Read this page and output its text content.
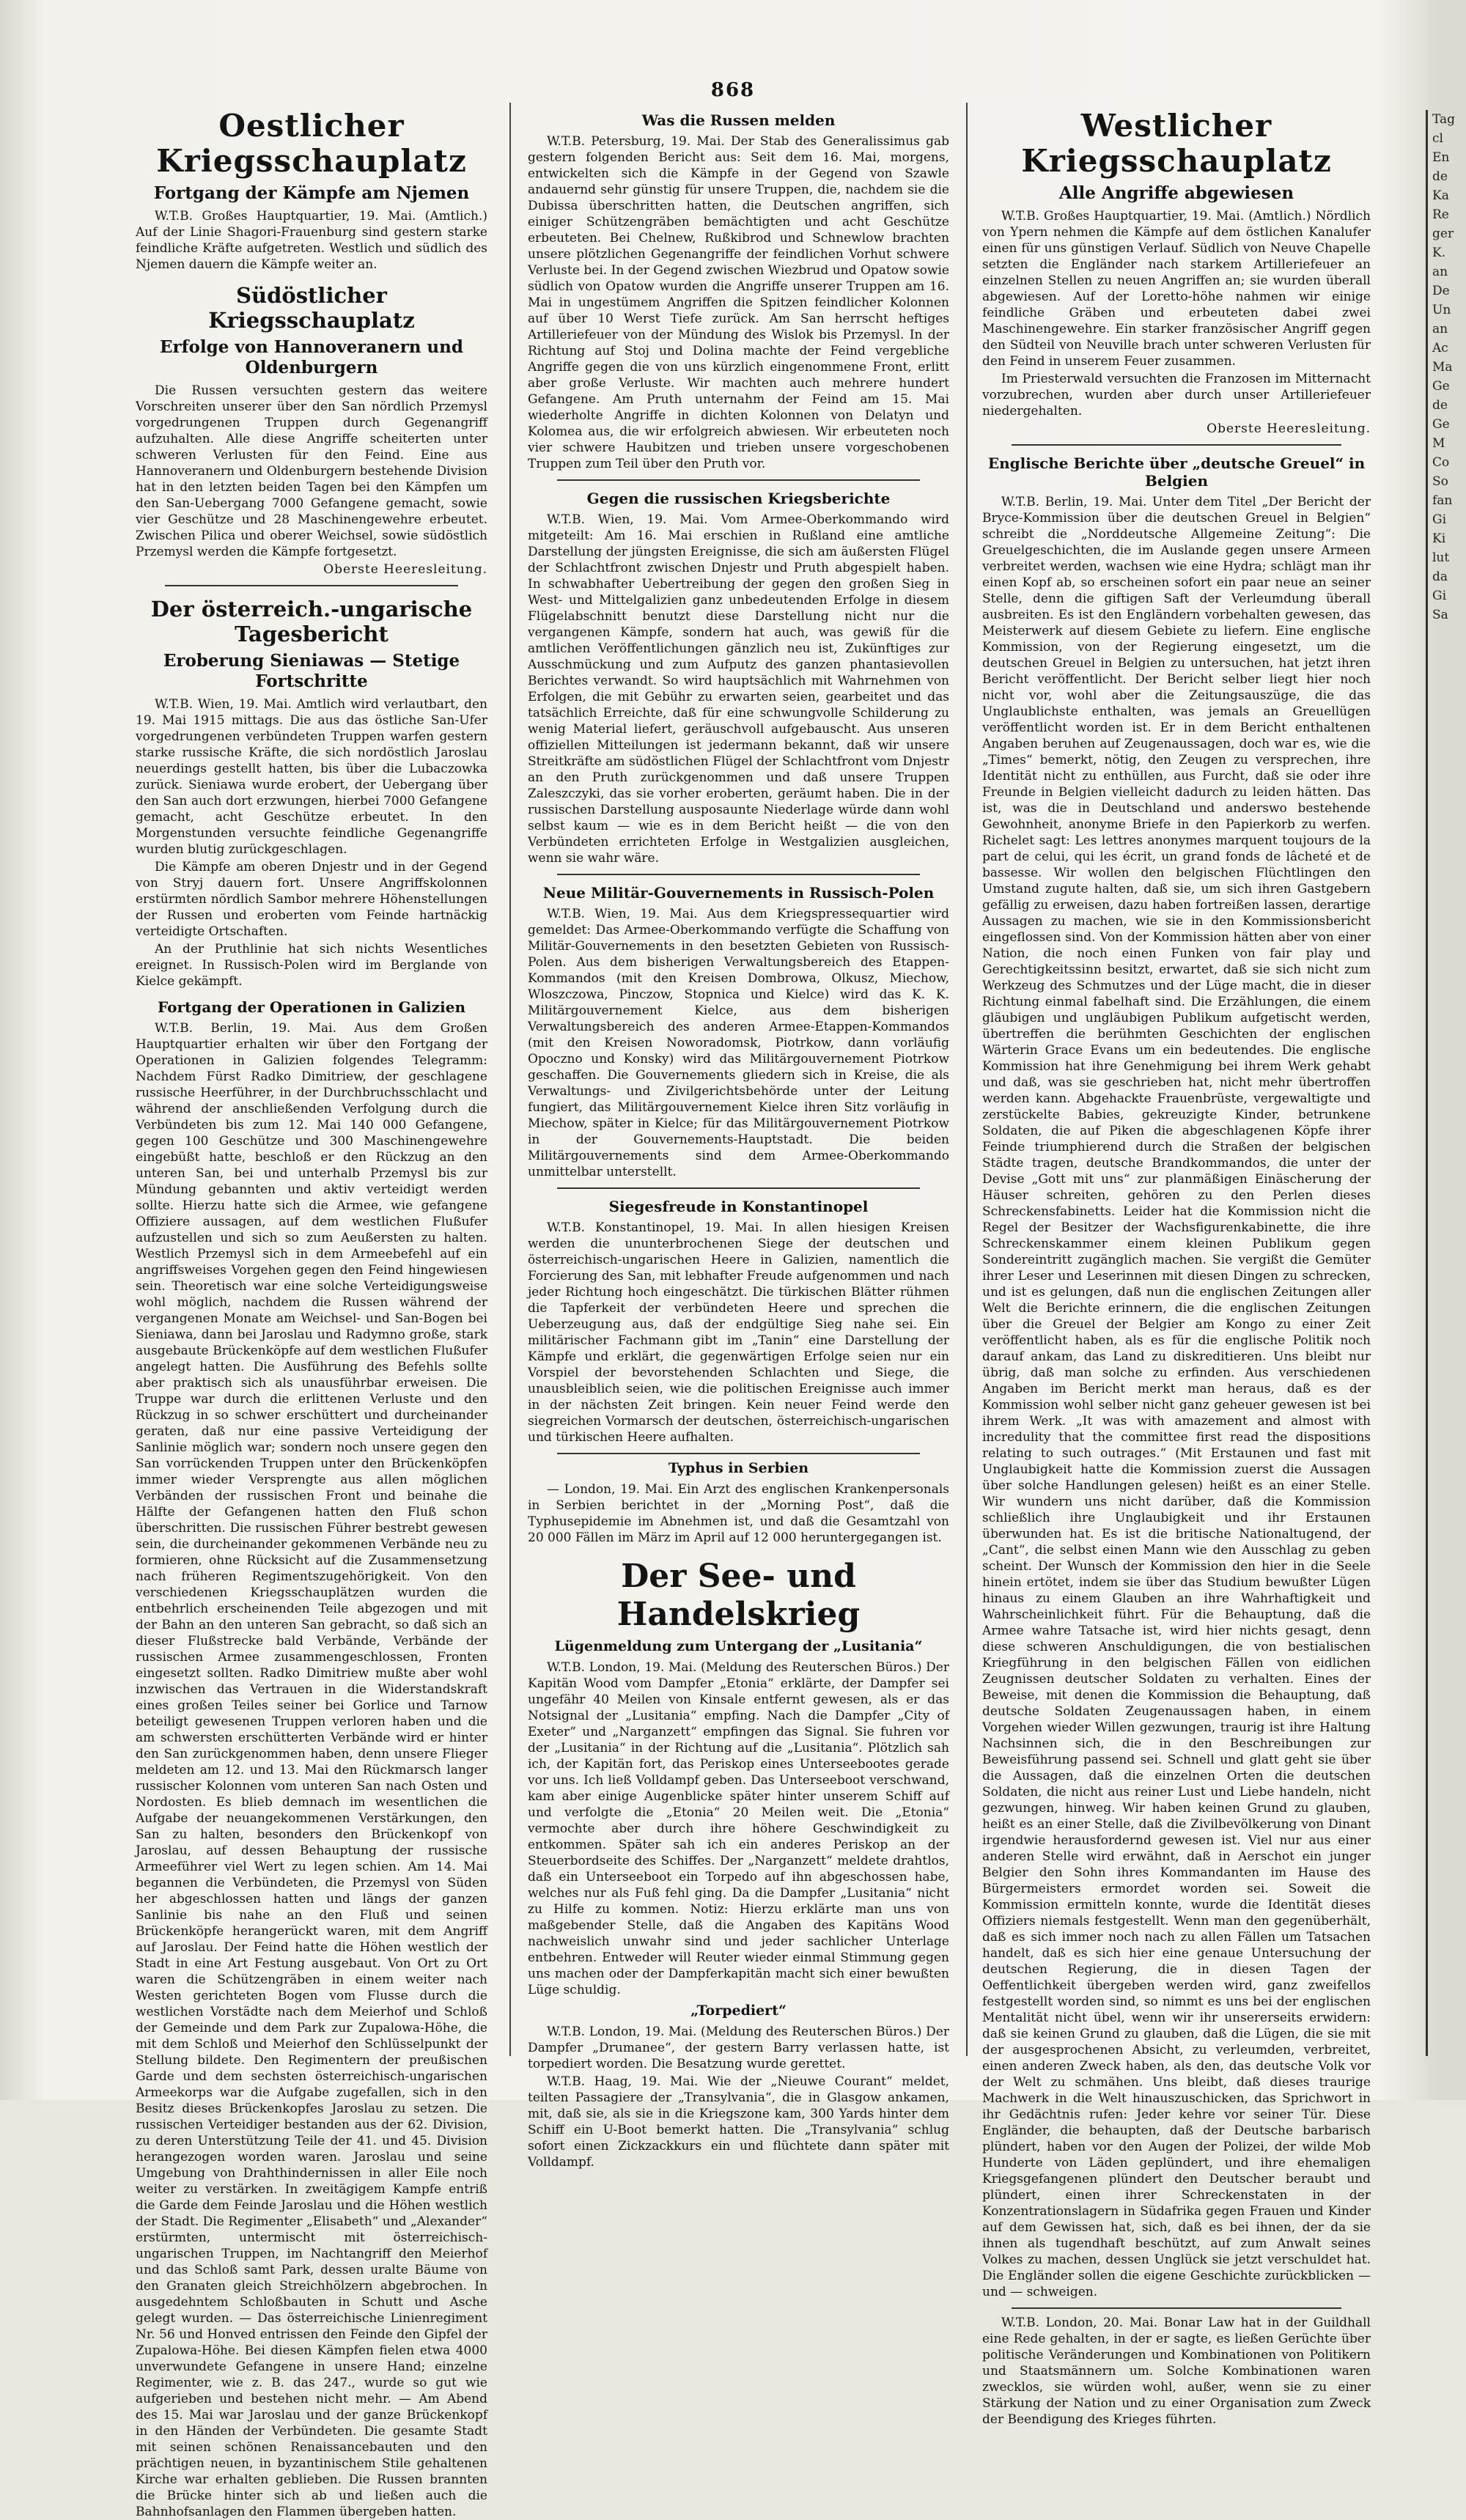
868
Oestlicher Kriegsschauplatz
Fortgang der Kämpfe am Njemen

W.T.B. Großes Hauptquartier, 19. Mai. (Amtlich.) Auf der Linie Shagori-Frauenburg sind gestern starke feindliche Kräfte aufgetreten. Westlich und südlich des Njemen dauern die Kämpfe weiter an.

Südöstlicher Kriegsschauplatz
Erfolge von Hannoveranern und Oldenburgern

Die Russen versuchten gestern das weitere Vorschreiten unserer über den San nördlich Przemysl vorgedrungenen Truppen durch Gegenangriff aufzuhalten. Alle diese Angriffe scheiterten unter schweren Verlusten für den Feind. Eine aus Hannoveranern und Oldenburgern bestehende Division hat in den letzten beiden Tagen bei den Kämpfen um den San-Uebergang 7000 Gefangene gemacht, sowie vier Geschütze und 28 Maschinengewehre erbeutet. Zwischen Pilica und oberer Weichsel, sowie südöstlich Przemysl werden die Kämpfe fortgesetzt.

Oberste Heeresleitung.
Der österreich.-ungarische Tagesbericht
Eroberung Sieniawas — Stetige Fortschritte

W.T.B. Wien, 19. Mai. Amtlich wird verlautbart, den 19. Mai 1915 mittags. Die aus das östliche San-Ufer vorgedrungenen verbündeten Truppen warfen gestern starke russische Kräfte, die sich nordöstlich Jaroslau neuerdings gestellt hatten, bis über die Lubaczowka zurück. Sieniawa wurde erobert, der Uebergang über den San auch dort erzwungen, hierbei 7000 Gefangene gemacht, acht Geschütze erbeutet. In den Morgenstunden versuchte feindliche Gegenangriffe wurden blutig zurückgeschlagen.

Die Kämpfe am oberen Dnjestr und in der Gegend von Stryj dauern fort. Unsere Angriffskolonnen erstürmten nördlich Sambor mehrere Höhenstellungen der Russen und eroberten vom Feinde hartnäckig verteidigte Ortschaften.

An der Pruthlinie hat sich nichts Wesentliches ereignet. In Russisch-Polen wird im Berglande von Kielce gekämpft.

Fortgang der Operationen in Galizien

W.T.B. Berlin, 19. Mai. Aus dem Großen Hauptquartier erhalten wir über den Fortgang der Operationen in Galizien folgendes Telegramm: Nachdem Fürst Radko Dimitriew, der geschlagene russische Heerführer, in der Durchbruchsschlacht und während der anschließenden Verfolgung durch die Verbündeten bis zum 12. Mai 140 000 Gefangene, gegen 100 Geschütze und 300 Maschinengewehre eingebüßt hatte, beschloß er den Rückzug an den unteren San, bei und unterhalb Przemysl bis zur Mündung gebannten und aktiv verteidigt werden sollte. Hierzu hatte sich die Armee, wie gefangene Offiziere aussagen, auf dem westlichen Flußufer aufzustellen und sich so zum Aeußersten zu halten. Westlich Przemysl sich in dem Armeebefehl auf ein angriffsweises Vorgehen gegen den Feind hingewiesen sein. Theoretisch war eine solche Verteidigungsweise wohl möglich, nachdem die Russen während der vergangenen Monate am Weichsel- und San-Bogen bei Sieniawa, dann bei Jaroslau und Radymno große, stark ausgebaute Brückenköpfe auf dem westlichen Flußufer angelegt hatten. Die Ausführung des Befehls sollte aber praktisch sich als unausführbar erweisen. Die Truppe war durch die erlittenen Verluste und den Rückzug in so schwer erschüttert und durcheinander geraten, daß nur eine passive Verteidigung der Sanlinie möglich war; sondern noch unsere gegen den San vorrückenden Truppen unter den Brückenköpfen immer wieder Versprengte aus allen möglichen Verbänden der russischen Front und beinahe die Hälfte der Gefangenen hatten den Fluß schon überschritten. Die russischen Führer bestrebt gewesen sein, die durcheinander gekommenen Verbände neu zu formieren, ohne Rücksicht auf die Zusammensetzung nach früheren Regimentszugehörigkeit. Von den verschiedenen Kriegsschauplätzen wurden die entbehrlich erscheinenden Teile abgezogen und mit der Bahn an den unteren San gebracht, so daß sich an dieser Flußstrecke bald Verbände, Verbände der russischen Armee zusammengeschlossen, Fronten eingesetzt sollten. Radko Dimitriew mußte aber wohl inzwischen das Vertrauen in die Widerstandskraft eines großen Teiles seiner bei Gorlice und Tarnow beteiligt gewesenen Truppen verloren haben und die am schwersten erschütterten Verbände wird er hinter den San zurückgenommen haben, denn unsere Flieger meldeten am 12. und 13. Mai den Rückmarsch langer russischer Kolonnen vom unteren San nach Osten und Nordosten. Es blieb demnach im wesentlichen die Aufgabe der neuangekommenen Verstärkungen, den San zu halten, besonders den Brückenkopf von Jaroslau, auf dessen Behauptung der russische Armeeführer viel Wert zu legen schien. Am 14. Mai begannen die Verbündeten, die Przemysl von Süden her abgeschlossen hatten und längs der ganzen Sanlinie bis nahe an den Fluß und seinen Brückenköpfe herangerückt waren, mit dem Angriff auf Jaroslau. Der Feind hatte die Höhen westlich der Stadt in eine Art Festung ausgebaut. Von Ort zu Ort waren die Schützengräben in einem weiter nach Westen gerichteten Bogen vom Flusse durch die westlichen Vorstädte nach dem Meierhof und Schloß der Gemeinde und dem Park zur Zupalowa-Höhe, die mit dem Schloß und Meierhof den Schlüsselpunkt der Stellung bildete. Den Regimentern der preußischen Garde und dem sechsten österreichisch-ungarischen Armeekorps war die Aufgabe zugefallen, sich in den Besitz dieses Brückenkopfes Jaroslau zu setzen. Die russischen Verteidiger bestanden aus der 62. Division, zu deren Unterstützung Teile der 41. und 45. Division herangezogen worden waren. Jaroslau und seine Umgebung von Drahthindernissen in aller Eile noch weiter zu verstärken. In zweitägigem Kampfe entriß die Garde dem Feinde Jaroslau und die Höhen westlich der Stadt. Die Regimenter „Elisabeth“ und „Alexander“ erstürmten, untermischt mit österreichisch-ungarischen Truppen, im Nachtangriff den Meierhof und das Schloß samt Park, dessen uralte Bäume von den Granaten gleich Streichhölzern abgebrochen. In ausgedehntem Schloßbauten in Schutt und Asche gelegt wurden. — Das österreichische Linienregiment Nr. 56 und Honved entrissen den Feinde den Gipfel der Zupalowa-Höhe. Bei diesen Kämpfen fielen etwa 4000 unverwundete Gefangene in unsere Hand; einzelne Regimenter, wie z. B. das 247., wurde so gut wie aufgerieben und bestehen nicht mehr. — Am Abend des 15. Mai war Jaroslau und der ganze Brückenkopf in den Händen der Verbündeten. Die gesamte Stadt mit seinen schönen Renaissancebauten und den prächtigen neuen, in byzantinischem Stile gehaltenen Kirche war erhalten geblieben. Die Russen brannten die Brücke hinter sich ab und ließen auch die Bahnhofsanlagen den Flammen übergeben hatten.

Was die Russen melden

W.T.B. Petersburg, 19. Mai. Der Stab des Generalissimus gab gestern folgenden Bericht aus: Seit dem 16. Mai, morgens, entwickelten sich die Kämpfe in der Gegend von Szawle andauernd sehr günstig für unsere Truppen, die, nachdem sie die Dubissa überschritten hatten, die Deutschen angriffen, sich einiger Schützengräben bemächtigten und acht Geschütze erbeuteten. Bei Chelnew, Rußkibrod und Schnewlow brachten unsere plötzlichen Gegenangriffe der feindlichen Vorhut schwere Verluste bei. In der Gegend zwischen Wiezbrud und Opatow sowie südlich von Opatow wurden die Angriffe unserer Truppen am 16. Mai in ungestümem Angriffen die Spitzen feindlicher Kolonnen auf über 10 Werst Tiefe zurück. Am San herrscht heftiges Artilleriefeuer von der Mündung des Wislok bis Przemysl. In der Richtung auf Stoj und Dolina machte der Feind vergebliche Angriffe gegen die von uns kürzlich eingenommene Front, erlitt aber große Verluste. Wir machten auch mehrere hundert Gefangene. Am Pruth unternahm der Feind am 15. Mai wiederholte Angriffe in dichten Kolonnen von Delatyn und Kolomea aus, die wir erfolgreich abwiesen. Wir erbeuteten noch vier schwere Haubitzen und trieben unsere vorgeschobenen Truppen zum Teil über den Pruth vor.

Gegen die russischen Kriegsberichte

W.T.B. Wien, 19. Mai. Vom Armee-Oberkommando wird mitgeteilt: Am 16. Mai erschien in Rußland eine amtliche Darstellung der jüngsten Ereignisse, die sich am äußersten Flügel der Schlachtfront zwischen Dnjestr und Pruth abgespielt haben. In schwabhafter Uebertreibung der gegen den großen Sieg in West- und Mittelgalizien ganz unbedeutenden Erfolge in diesem Flügelabschnitt benutzt diese Darstellung nicht nur die vergangenen Kämpfe, sondern hat auch, was gewiß für die amtlichen Veröffentlichungen gänzlich neu ist, Zukünftiges zur Ausschmückung und zum Aufputz des ganzen phantasievollen Berichtes verwandt. So wird hauptsächlich mit Wahrnehmen von Erfolgen, die mit Gebühr zu erwarten seien, gearbeitet und das tatsächlich Erreichte, daß für eine schwungvolle Schilderung zu wenig Material liefert, geräuschvoll aufgebauscht. Aus unseren offiziellen Mitteilungen ist jedermann bekannt, daß wir unsere Streitkräfte am südöstlichen Flügel der Schlachtfront vom Dnjestr an den Pruth zurückgenommen und daß unsere Truppen Zaleszczyki, das sie vorher eroberten, geräumt haben. Die in der russischen Darstellung ausposaunte Niederlage würde dann wohl selbst kaum — wie es in dem Bericht heißt — die von den Verbündeten errichteten Erfolge in Westgalizien ausgleichen, wenn sie wahr wäre.

Neue Militär-Gouvernements in Russisch-Polen

W.T.B. Wien, 19. Mai. Aus dem Kriegspressequartier wird gemeldet: Das Armee-Oberkommando verfügte die Schaffung von Militär-Gouvernements in den besetzten Gebieten von Russisch-Polen. Aus dem bisherigen Verwaltungsbereich des Etappen-Kommandos (mit den Kreisen Dombrowa, Olkusz, Miechow, Wloszczowa, Pinczow, Stopnica und Kielce) wird das K. K. Militärgouvernement Kielce, aus dem bisherigen Verwaltungsbereich des anderen Armee-Etappen-Kommandos (mit den Kreisen Noworadomsk, Piotrkow, dann vorläufig Opoczno und Konsky) wird das Militärgouvernement Piotrkow geschaffen. Die Gouvernements gliedern sich in Kreise, die als Verwaltungs- und Zivilgerichtsbehörde unter der Leitung fungiert, das Militärgouvernement Kielce ihren Sitz vorläufig in Miechow, später in Kielce; für das Militärgouvernement Piotrkow in der Gouvernements-Hauptstadt. Die beiden Militärgouvernements sind dem Armee-Oberkommando unmittelbar unterstellt.

Siegesfreude in Konstantinopel

W.T.B. Konstantinopel, 19. Mai. In allen hiesigen Kreisen werden die ununterbrochenen Siege der deutschen und österreichisch-ungarischen Heere in Galizien, namentlich die Forcierung des San, mit lebhafter Freude aufgenommen und nach jeder Richtung hoch eingeschätzt. Die türkischen Blätter rühmen die Tapferkeit der verbündeten Heere und sprechen die Ueberzeugung aus, daß der endgültige Sieg nahe sei. Ein militärischer Fachmann gibt im „Tanin“ eine Darstellung der Kämpfe und erklärt, die gegenwärtigen Erfolge seien nur ein Vorspiel der bevorstehenden Schlachten und Siege, die unausbleiblich seien, wie die politischen Ereignisse auch immer in der nächsten Zeit bringen. Kein neuer Feind werde den siegreichen Vormarsch der deutschen, österreichisch-ungarischen und türkischen Heere aufhalten.

Typhus in Serbien

— London, 19. Mai. Ein Arzt des englischen Krankenpersonals in Serbien berichtet in der „Morning Post“, daß die Typhusepidemie im Abnehmen ist, und daß die Gesamtzahl von 20 000 Fällen im März im April auf 12 000 heruntergegangen ist.

Der See- und Handelskrieg
Lügenmeldung zum Untergang der „Lusitania“

W.T.B. London, 19. Mai. (Meldung des Reuterschen Büros.) Der Kapitän Wood vom Dampfer „Etonia“ erklärte, der Dampfer sei ungefähr 40 Meilen von Kinsale entfernt gewesen, als er das Notsignal der „Lusitania“ empfing. Nach die Dampfer „City of Exeter“ und „Narganzett“ empfingen das Signal. Sie fuhren vor der „Lusitania“ in der Richtung auf die „Lusitania“. Plötzlich sah ich, der Kapitän fort, das Periskop eines Unterseebootes gerade vor uns. Ich ließ Volldampf geben. Das Unterseeboot verschwand, kam aber einige Augenblicke später hinter unserem Schiff auf und verfolgte die „Etonia“ 20 Meilen weit. Die „Etonia“ vermochte aber durch ihre höhere Geschwindigkeit zu entkommen. Später sah ich ein anderes Periskop an der Steuerbordseite des Schiffes. Der „Narganzett“ meldete drahtlos, daß ein Unterseeboot ein Torpedo auf ihn abgeschossen habe, welches nur als Fuß fehl ging. Da die Dampfer „Lusitania“ nicht zu Hilfe zu kommen. Notiz: Hierzu erklärte man uns von maßgebender Stelle, daß die Angaben des Kapitäns Wood nachweislich unwahr sind und jeder sachlicher Unterlage entbehren. Entweder will Reuter wieder einmal Stimmung gegen uns machen oder der Dampferkapitän macht sich einer bewußten Lüge schuldig.

„Torpediert“

W.T.B. London, 19. Mai. (Meldung des Reuterschen Büros.) Der Dampfer „Drumanee“, der gestern Barry verlassen hatte, ist torpediert worden. Die Besatzung wurde gerettet.

W.T.B. Haag, 19. Mai. Wie der „Nieuwe Courant“ meldet, teilten Passagiere der „Transylvania“, die in Glasgow ankamen, mit, daß sie, als sie in die Kriegszone kam, 300 Yards hinter dem Schiff ein U-Boot bemerkt hatten. Die „Transylvania“ schlug sofort einen Zickzackkurs ein und flüchtete dann später mit Volldampf.

Westlicher Kriegsschauplatz
Alle Angriffe abgewiesen

W.T.B. Großes Hauptquartier, 19. Mai. (Amtlich.) Nördlich von Ypern nehmen die Kämpfe auf dem östlichen Kanalufer einen für uns günstigen Verlauf. Südlich von Neuve Chapelle setzten die Engländer nach starkem Artilleriefeuer an einzelnen Stellen zu neuen Angriffen an; sie wurden überall abgewiesen. Auf der Loretto-höhe nahmen wir einige feindliche Gräben und erbeuteten dabei zwei Maschinengewehre. Ein starker französischer Angriff gegen den Südteil von Neuville brach unter schweren Verlusten für den Feind in unserem Feuer zusammen.

Im Priesterwald versuchten die Franzosen im Mitternacht vorzubrechen, wurden aber durch unser Artilleriefeuer niedergehalten.

Oberste Heeresleitung.
Englische Berichte über „deutsche Greuel“ in Belgien

W.T.B. Berlin, 19. Mai. Unter dem Titel „Der Bericht der Bryce-Kommission über die deutschen Greuel in Belgien“ schreibt die „Norddeutsche Allgemeine Zeitung“: Die Greuelgeschichten, die im Auslande gegen unsere Armeen verbreitet werden, wachsen wie eine Hydra; schlägt man ihr einen Kopf ab, so erscheinen sofort ein paar neue an seiner Stelle, denn die giftigen Saft der Verleumdung überall ausbreiten. Es ist den Engländern vorbehalten gewesen, das Meisterwerk auf diesem Gebiete zu liefern. Eine englische Kommission, von der Regierung eingesetzt, um die deutschen Greuel in Belgien zu untersuchen, hat jetzt ihren Bericht veröffentlicht. Der Bericht selber liegt hier noch nicht vor, wohl aber die Zeitungsauszüge, die das Unglaublichste enthalten, was jemals an Greuellügen veröffentlicht worden ist. Er in dem Bericht enthaltenen Angaben beruhen auf Zeugenaussagen, doch war es, wie die „Times“ bemerkt, nötig, den Zeugen zu versprechen, ihre Identität nicht zu enthüllen, aus Furcht, daß sie oder ihre Freunde in Belgien vielleicht dadurch zu leiden hätten. Das ist, was die in Deutschland und anderswo bestehende Gewohnheit, anonyme Briefe in den Papierkorb zu werfen. Richelet sagt: Les lettres anonymes marquent toujours de la part de celui, qui les écrit, un grand fonds de lâcheté et de bassesse. Wir wollen den belgischen Flüchtlingen den Umstand zugute halten, daß sie, um sich ihren Gastgebern gefällig zu erweisen, dazu haben fortreißen lassen, derartige Aussagen zu machen, wie sie in den Kommissionsbericht eingeflossen sind. Von der Kommission hätten aber von einer Nation, die noch einen Funken von fair play und Gerechtigkeitssinn besitzt, erwartet, daß sie sich nicht zum Werkzeug des Schmutzes und der Lüge macht, die in dieser Richtung einmal fabelhaft sind. Die Erzählungen, die einem gläubigen und ungläubigen Publikum aufgetischt werden, übertreffen die berühmten Geschichten der englischen Wärterin Grace Evans um ein bedeutendes. Die englische Kommission hat ihre Genehmigung bei ihrem Werk gehabt und daß, was sie geschrieben hat, nicht mehr übertroffen werden kann. Abgehackte Frauenbrüste, vergewaltigte und zerstückelte Babies, gekreuzigte Kinder, betrunkene Soldaten, die auf Piken die abgeschlagenen Köpfe ihrer Feinde triumphierend durch die Straßen der belgischen Städte tragen, deutsche Brandkommandos, die unter der Devise „Gott mit uns“ zur planmäßigen Einäscherung der Häuser schreiten, gehören zu den Perlen dieses Schreckensfabinetts. Leider hat die Kommission nicht die Regel der Besitzer der Wachsfigurenkabinette, die ihre Schreckenskammer einem kleinen Publikum gegen Sondereintritt zugänglich machen. Sie vergißt die Gemüter ihrer Leser und Leserinnen mit diesen Dingen zu schrecken, und ist es gelungen, daß nun die englischen Zeitungen aller Welt die Berichte erinnern, die die englischen Zeitungen über die Greuel der Belgier am Kongo zu einer Zeit veröffentlicht haben, als es für die englische Politik noch darauf ankam, das Land zu diskreditieren. Uns bleibt nur übrig, daß man solche zu erfinden. Aus verschiedenen Angaben im Bericht merkt man heraus, daß es der Kommission wohl selber nicht ganz geheuer gewesen ist bei ihrem Werk. „It was with amazement and almost with incredulity that the committee first read the dispositions relating to such outrages.“ (Mit Erstaunen und fast mit Unglaubigkeit hatte die Kommission zuerst die Aussagen über solche Handlungen gelesen) heißt es an einer Stelle. Wir wundern uns nicht darüber, daß die Kommission schließlich ihre Unglaubigkeit und ihr Erstaunen überwunden hat. Es ist die britische Nationaltugend, der „Cant“, die selbst einen Mann wie den Ausschlag zu geben scheint. Der Wunsch der Kommission den hier in die Seele hinein ertötet, indem sie über das Studium bewußter Lügen hinaus zu einem Glauben an ihre Wahrhaftigkeit und Wahrscheinlichkeit führt. Für die Behauptung, daß die Armee wahre Tatsache ist, wird hier nichts gesagt, denn diese schweren Anschuldigungen, die von bestialischen Kriegführung in den belgischen Fällen von eidlichen Zeugnissen deutscher Soldaten zu verhalten. Eines der Beweise, mit denen die Kommission die Behauptung, daß deutsche Soldaten Zeugenaussagen haben, in einem Vorgehen wieder Willen gezwungen, traurig ist ihre Haltung Nachsinnen sich, die in den Beschreibungen zur Beweisführung passend sei. Schnell und glatt geht sie über die Aussagen, daß die einzelnen Orten die deutschen Soldaten, die nicht aus reiner Lust und Liebe handeln, nicht gezwungen, hinweg. Wir haben keinen Grund zu glauben, heißt es an einer Stelle, daß die Zivilbevölkerung von Dinant irgendwie herausfordernd gewesen ist. Viel nur aus einer anderen Stelle wird erwähnt, daß in Aerschot ein junger Belgier den Sohn ihres Kommandanten im Hause des Bürgermeisters ermordet worden sei. Soweit die Kommission ermitteln konnte, wurde die Identität dieses Offiziers niemals festgestellt. Wenn man den gegenüberhält, daß es sich immer noch nach zu allen Fällen um Tatsachen handelt, daß es sich hier eine genaue Untersuchung der deutschen Regierung, die in diesen Tagen der Oeffentlichkeit übergeben werden wird, ganz zweifellos festgestellt worden sind, so nimmt es uns bei der englischen Mentalität nicht übel, wenn wir ihr unsererseits erwidern: daß sie keinen Grund zu glauben, daß die Lügen, die sie mit der ausgesprochenen Absicht, zu verleumden, verbreitet, einen anderen Zweck haben, als den, das deutsche Volk vor der Welt zu schmähen. Uns bleibt, daß dieses traurige Machwerk in die Welt hinauszuschicken, das Sprichwort in ihr Gedächtnis rufen: Jeder kehre vor seiner Tür. Diese Engländer, die behaupten, daß der Deutsche barbarisch plündert, haben vor den Augen der Polizei, der wilde Mob Hunderte von Läden geplündert, und ihre ehemaligen Kriegsgefangenen plündert den Deutscher beraubt und plündert, einen ihrer Schreckenstaten in der Konzentrationslagern in Südafrika gegen Frauen und Kinder auf dem Gewissen hat, sich, daß es bei ihnen, der da sie ihnen als tugendhaft beschützt, auf zum Anwalt seines Volkes zu machen, dessen Unglück sie jetzt verschuldet hat. Die Engländer sollen die eigene Geschichte zurückblicken — und — schweigen.

W.T.B. London, 20. Mai. Bonar Law hat in der Guildhall eine Rede gehalten, in der er sagte, es ließen Gerüchte über politische Veränderungen und Kombinationen von Politikern und Staatsmännern um. Solche Kombinationen waren zwecklos, sie würden wohl, außer, wenn sie zu einer Stärkung der Nation und zu einer Organisation zum Zweck der Beendigung des Krieges führten.

Tag
cl
En
de
Ka
Re
ger
K.
an
De
Un
an
Ac
Ma
Ge
de
Ge
M
Co
So
fan
Gi
Ki
lut
da
Gi
Sa
